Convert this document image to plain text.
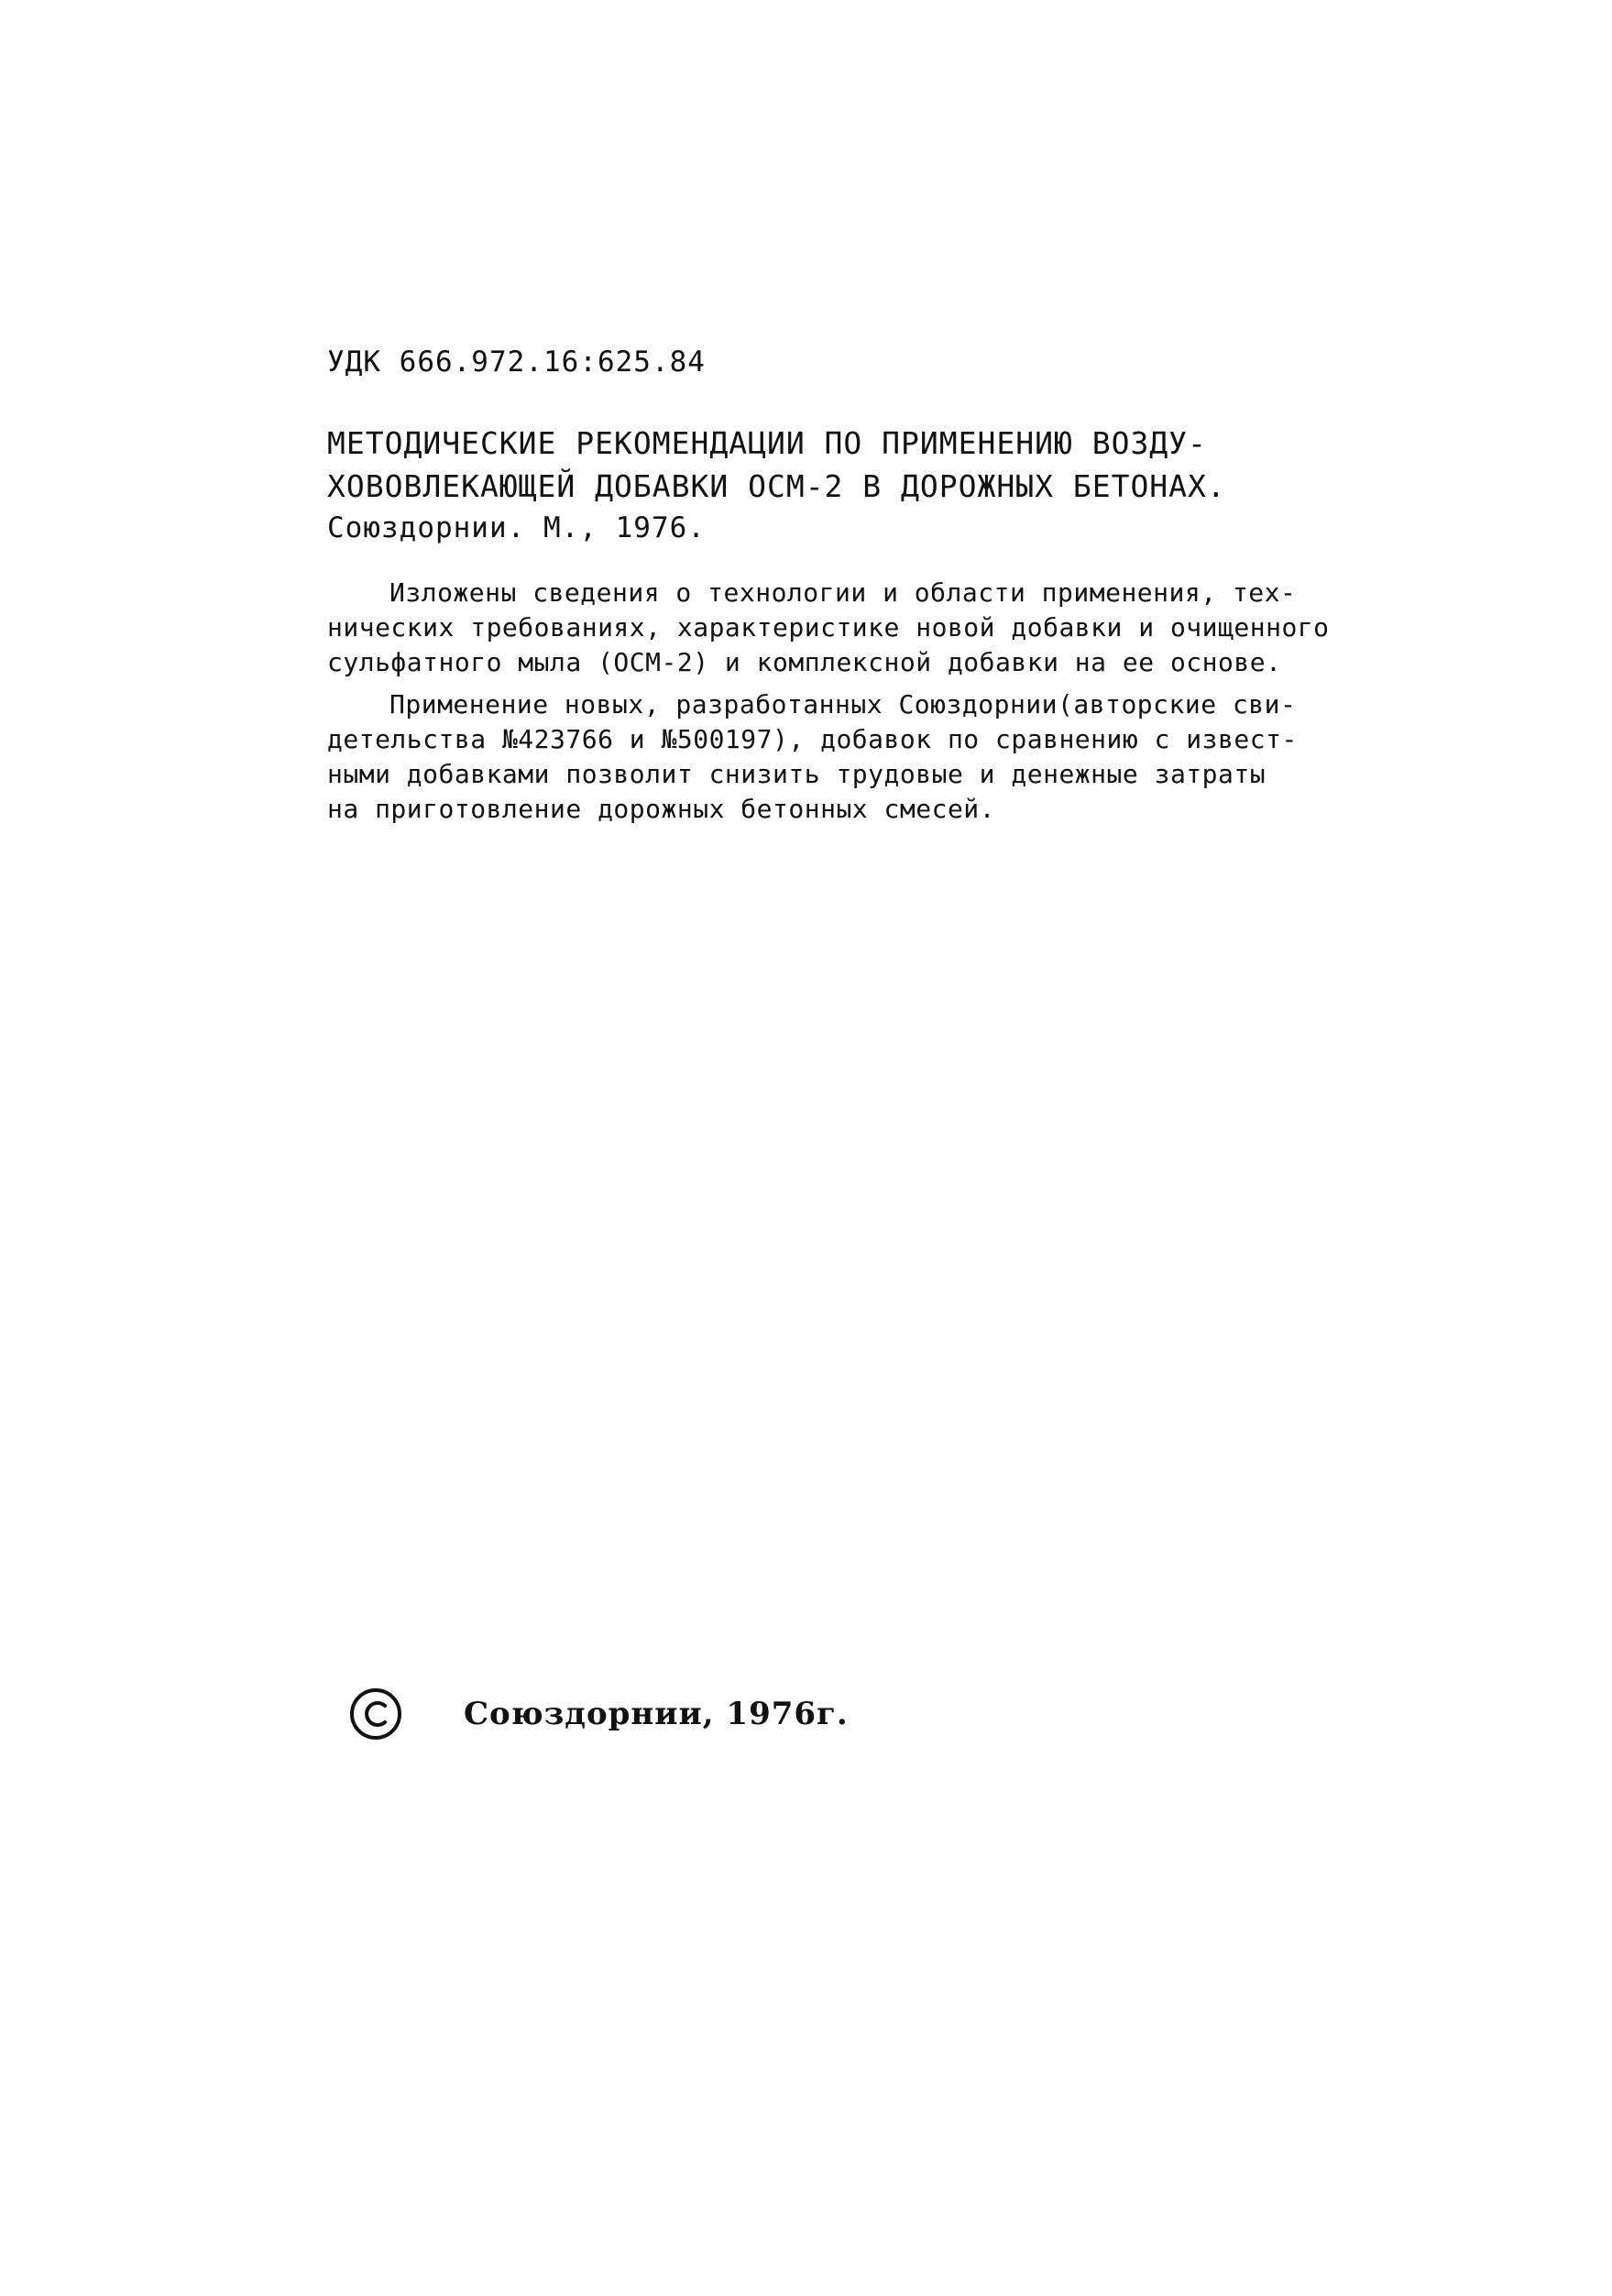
УДК 666.972.16:625.84
МЕТОДИЧЕСКИЕ РЕКОМЕНДАЦИИ ПО ПРИМЕНЕНИЮ ВОЗДУ-
ХОВОВЛЕКАЮЩЕЙ ДОБАВКИ ОСМ-2 В ДОРОЖНЫХ БЕТОНАХ.
Союздорнии. М., 1976.
Изложены сведения о технологии и области применения, тех-
нических требованиях, характеристике новой добавки и очищенного
сульфатного мыла (ОСМ-2) и комплексной добавки на ее основе.
Применение новых, разработанных Союздорнии(авторские сви-
детельства №423766 и №500197), добавок по сравнению с извест-
ными добавками позволит снизить трудовые и денежные затраты
на приготовление дорожных бетонных смесей.
Союздорнии, 1976г.
